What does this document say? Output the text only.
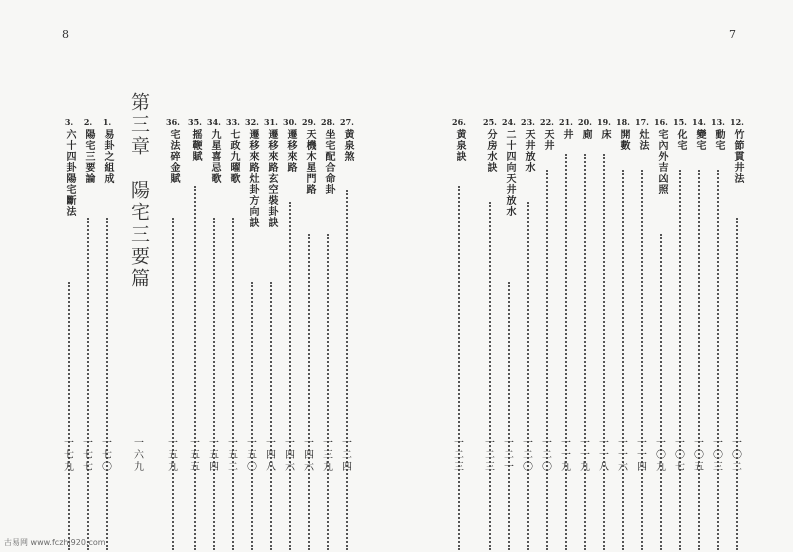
8
27.
黄泉煞
一二四
28.
坐宅配合命卦
一三九
29.
天機木星門路
一四六
30.
遷移來路
一四六
31.
遷移來路玄空裝卦訣
一四八
32.
遷移來路灶卦方向訣
一五〇
33.
七政九曜歌
一五二
34.
九星喜忌歌
一五四
35.
摇鞭賦
一五五
36.
宅法碎金賦
一五九
第三章　陽宅三要篇
一六九
1.
易卦之組成
一七〇
2.
陽宅三要論
一七七
3.
六十四卦陽宅斷法
一七九
7
12.
竹節貫井法
一〇二
13.
動宅
一〇三
14.
變宅
一〇五
15.
化宅
一〇七
16.
宅內外吉凶照
一〇九
17.
灶法
一一四
18.
開數
一一六
19.
床
一一八
20.
廁
一一九
21.
井
一一九
22.
天井
一二〇
23.
天井放水
一二〇
24.
二十四向天井放水
一二一
25.
分房水訣
一二三
26.
黄泉訣
一二三
古易网 www.fczhj920.com
